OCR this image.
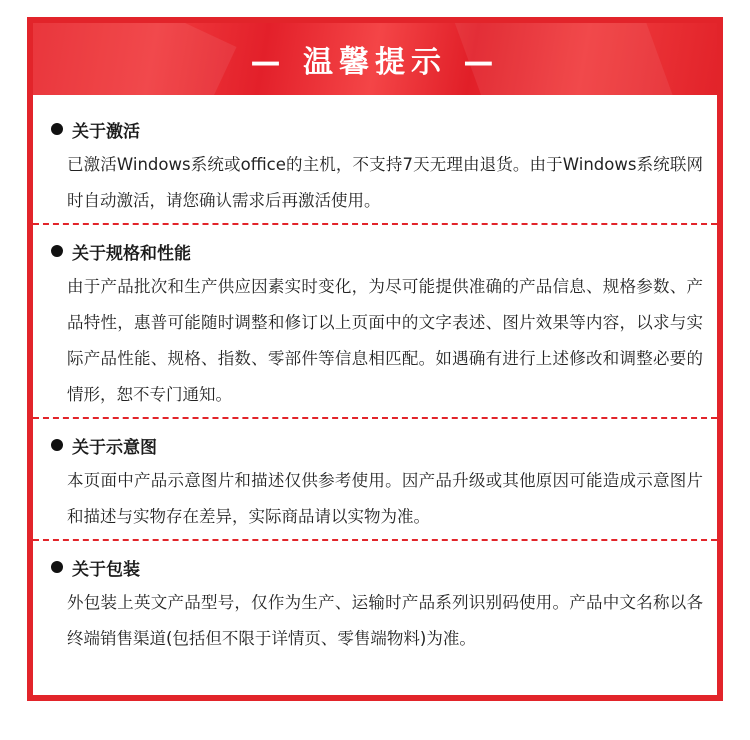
— 温馨提示 —
关于激活
已激活Windows系统或office的主机，不支持7天无理由退货。由于Windows系统联网时自动激活，请您确认需求后再激活使用。
关于规格和性能
由于产品批次和生产供应因素实时变化，为尽可能提供准确的产品信息、规格参数、产品特性，惠普可能随时调整和修订以上页面中的文字表述、图片效果等内容，以求与实际产品性能、规格、指数、零部件等信息相匹配。如遇确有进行上述修改和调整必要的情形，恕不专门通知。
关于示意图
本页面中产品示意图片和描述仅供参考使用。因产品升级或其他原因可能造成示意图片和描述与实物存在差异，实际商品请以实物为准。
关于包装
外包装上英文产品型号，仅作为生产、运输时产品系列识别码使用。产品中文名称以各终端销售渠道(包括但不限于详情页、零售端物料)为准。
